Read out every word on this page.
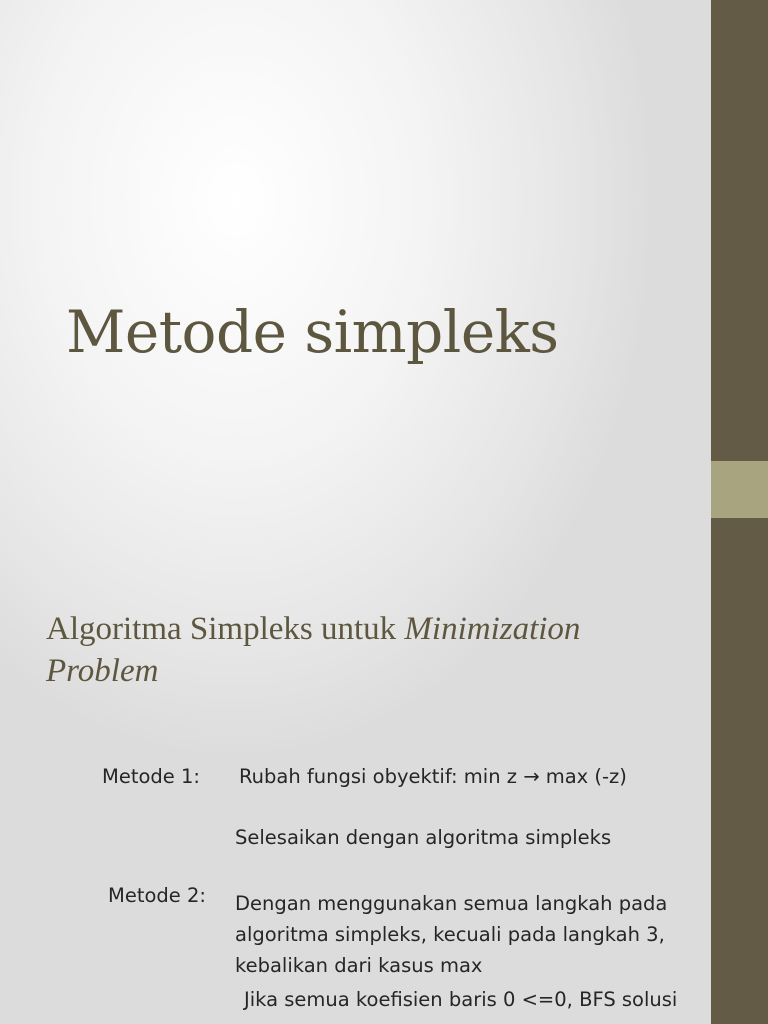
Metode simpleks
Algoritma Simpleks untuk Minimization
Problem

Metode 1: Rubah fungsi obyektif: min z → max (-z)

Selesaikan dengan algoritma simpleks

Metode 2: Dengan menggunakan semua langkah pada
algoritma simpleks, kecuali pada langkah 3,
kebalikan dari kasus max

Jika semua koefisien baris 0 <=0, BFS solusi
